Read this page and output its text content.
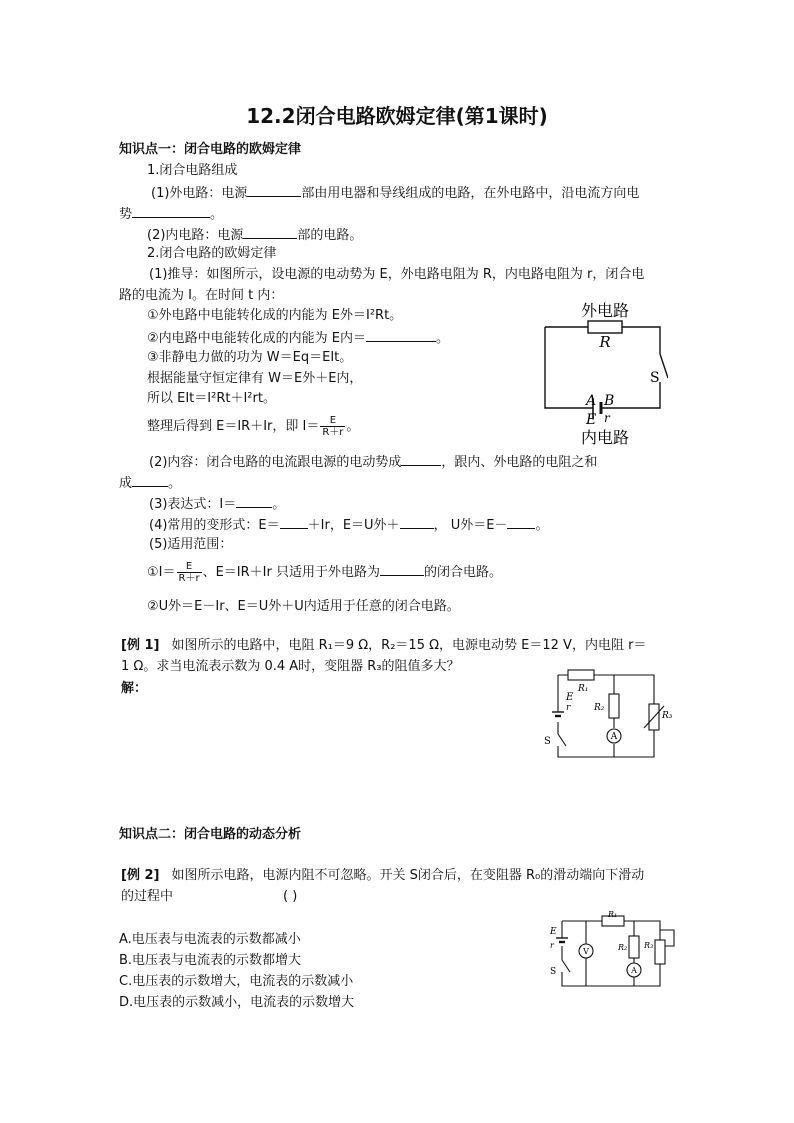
12.2闭合电路欧姆定律(第1课时)
知识点一：闭合电路的欧姆定律
1.闭合电路组成
(1)外电路：电源	部由用电器和导线组成的电路，在外电路中，沿电流方向电
势	。
(2)内电路：电源	部的电路。
2.闭合电路的欧姆定律
(1)推导：如图所示，设电源的电动势为 E，外电路电阻为 R，内电路电阻为 r，闭合电
路的电流为 I。在时间 t 内：
①外电路中电能转化成的内能为 E外＝I²Rt。
②内电路中电能转化成的内能为 E内＝	。
③非静电力做的功为 W＝Eq＝EIt。
根据能量守恒定律有 W＝E外＋E内，
所以 EIt＝I²Rt＋I²rt。
整理后得到 E＝IR＋Ir，即 $I= \frac{E}{R+r}$ 。
(2)内容：闭合电路的电流跟电源的电动势成	，跟内、外电路的电阻之和
成	。
(3)表达式：I＝	。
(4)常用的变形式：E＝ ＋Ir，E＝U外＋	， U外＝E－ 。
(5)适用范围：
①I＝ $\frac{E}{R+r}$ 、E＝IR＋Ir 只适用于外电路为	的闭合电路。
②U外＝E－Ir、E＝U外＋U内适用于任意的闭合电路。
[例 1] 如图所示的电路中，电阻 R₁＝9 Ω，R₂＝15 Ω，电源电动势 E＝12 V，内电阻 r＝
1 Ω。求当电流表示数为 0.4 A时，变阻器 R₃的阻值多大？
解：
知识点二：闭合电路的动态分析
[例 2] 如图所示电路，电源内阻不可忽略。开关 S闭合后，在变阻器 R₀的滑动端向下滑动
的过程中	( )
A.电压表与电流表的示数都减小
B.电压表与电流表的示数都增大
C.电压表的示数增大，电流表的示数减小
D.电压表的示数减小，电流表的示数增大
外电路
R
S
A B
E r
内电路
R₁
E
r	R₂
R₃
A
S
R₁
E
r
V	R₂
A
R₃
S
